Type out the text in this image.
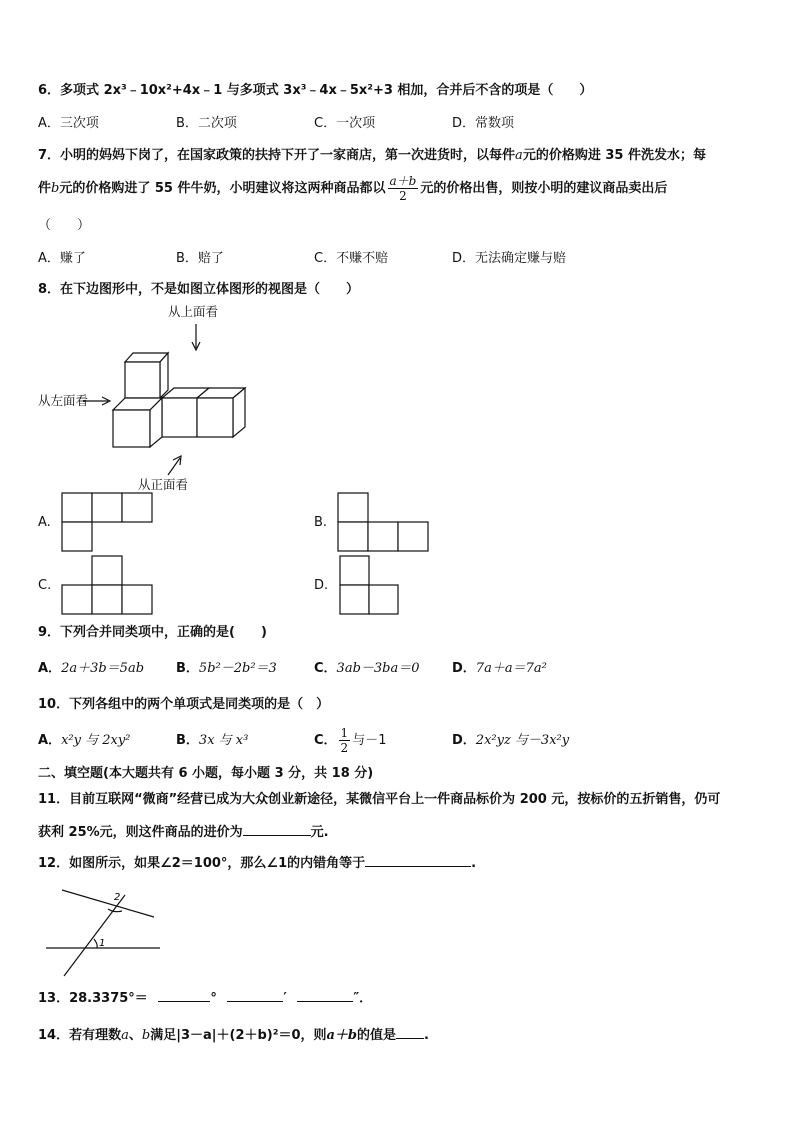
6．多项式 2x³﹣10x²+4x﹣1 与多项式 3x³﹣4x﹣5x²+3 相加，合并后不含的项是（　　）
A．三次项	B．二次项	C．一次项	D．常数项
7．小明的妈妈下岗了，在国家政策的扶持下开了一家商店，第一次进货时，以每件a元的价格购进 35 件洗发水；每
件b元的价格购进了 55 件牛奶，小明建议将这两种商品都以 $\frac{a+b}{2}$ 元的价格出售，则按小明的建议商品卖出后
（　　）
A．赚了	B．赔了	C．不赚不赔	D．无法确定赚与赔
8．在下边图形中，不是如图立体图形的视图是（　　）
从上面看
从左面看
从正面看
A.	B.
C.	D.
9．下列合并同类项中，正确的是(　　)
A．2a＋3b＝5ab B．5b²－2b²＝3	C．3ab－3ba＝0 D．7a＋a＝7a²
10．下列各组中的两个单项式是同类项的是（　）
A．x²y 与 2xy²	B．3x 与 x³	C． $\frac{1}{2}$ 与－1	D．2x²yz 与－3x²y
二、填空题(本大题共有 6 小题，每小题 3 分，共 18 分)
11．目前互联网“微商”经营已成为大众创业新途径，某微信平台上一件商品标价为 200 元，按标价的五折销售，仍可
获利 25%元，则这件商品的进价为	元.
12．如图所示，如果∠2＝100°，那么∠1的内错角等于	.
2
1
13．28.3375°＝	°	′	″．
14．若有理数a、b满足|3－a|＋(2＋b)²＝0，则a＋b的值是 .
